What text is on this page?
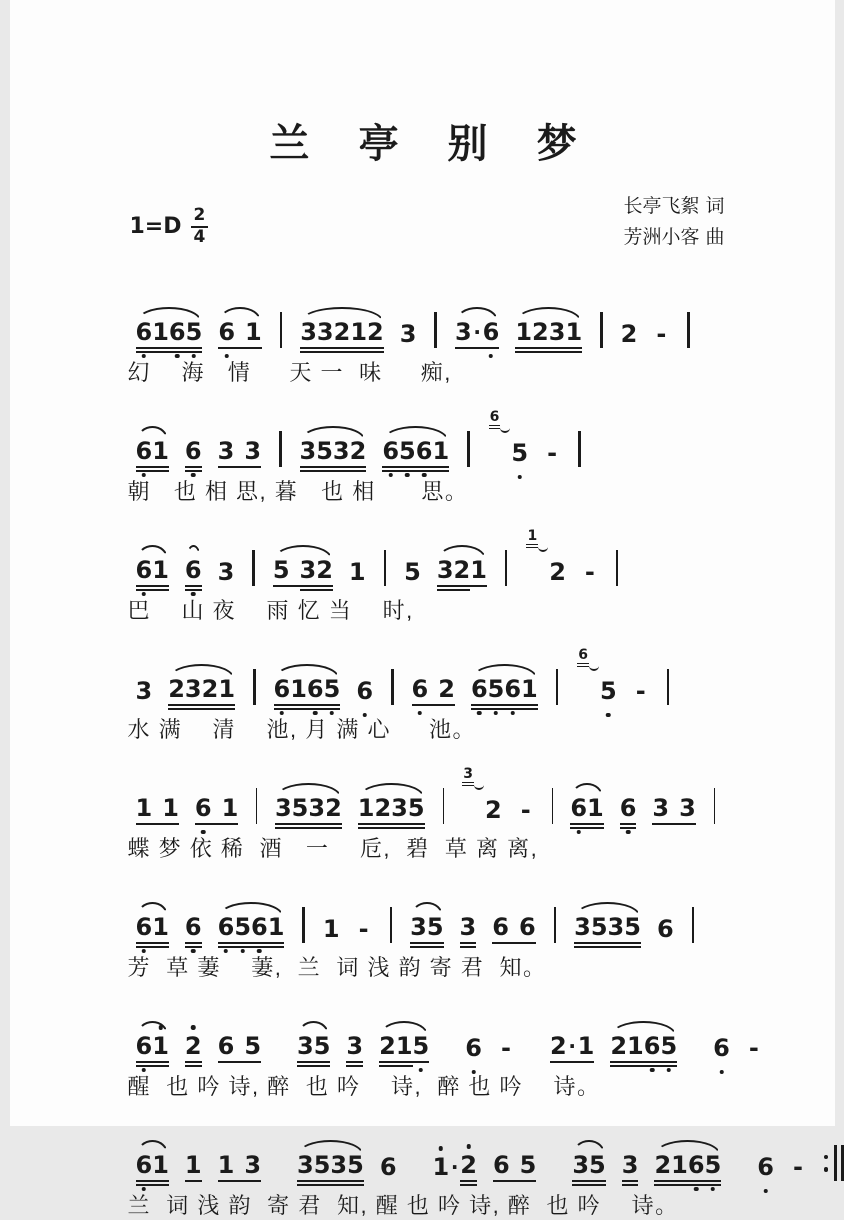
兰 亭 别 梦
$1=D \frac{2}{4}$
长亭飞絮 词
芳洲小客 曲
6 1 6 5 6 1 3 3 2 1 2 3 3 · 6 1 2 3 1 2 -
幻    海   情     天 一  味     痴,
6 1 6 3 3 3 5 3 2 6 5 6 1
6
5 -
朝   也 相 思, 暮   也 相      思。
6 1 6 3 5 3 2 1 5 3 2 1
1
2 -
巴    山 夜    雨 忆 当    时,
3 2 3 2 1 6 1 6 5 6 6 2 6 5 6 1
6
5 -
水 满    清    池, 月 满 心     池。
1 1 6 1 3 5 3 2 1 2 3 5
3
2 - 6 1 6 3 3
蝶 梦 依 稀  酒   一    卮,  碧  草 离 离,
6 1 6 6 5 6 1 1 - 3 5 3 6 6 3 5 3 5 6
芳  草 萋    萋,  兰  词 浅 韵 寄 君  知。
6 1 2 6 5 3 5 3 2 1 5 6 - 2 · 1 2 1 6 5 6 -
醒  也 吟 诗, 醉  也 吟    诗,  醉 也 吟    诗。
6 1 1 1 3 3 5 3 5 6 1 · 2 6 5 3 5 3 2 1 6 5 6 -
兰  词 浅 韵  寄 君  知, 醒 也 吟 诗, 醉  也 吟    诗。
